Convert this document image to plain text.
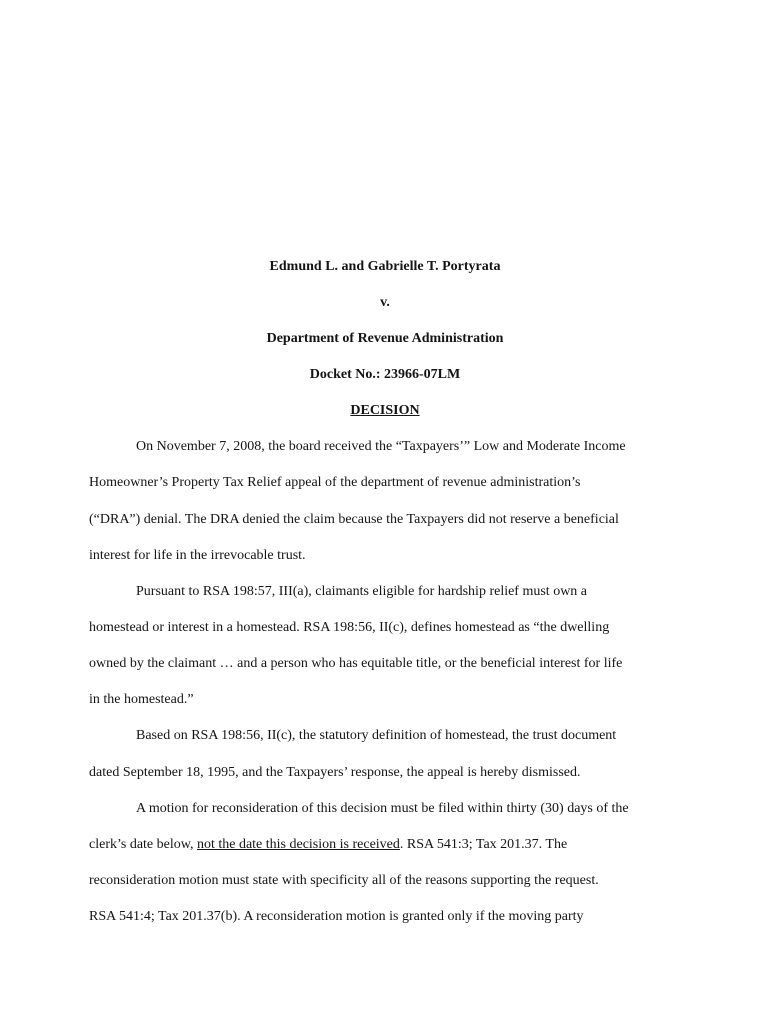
Edmund L. and Gabrielle T. Portyrata
v.
Department of Revenue Administration
Docket No.: 23966-07LM
DECISION
On November 7, 2008, the board received the “Taxpayers’” Low and Moderate Income
Homeowner’s Property Tax Relief appeal of the department of revenue administration’s
(“DRA”) denial. The DRA denied the claim because the Taxpayers did not reserve a beneficial
interest for life in the irrevocable trust.
Pursuant to RSA 198:57, III(a), claimants eligible for hardship relief must own a
homestead or interest in a homestead. RSA 198:56, II(c), defines homestead as “the dwelling
owned by the claimant … and a person who has equitable title, or the beneficial interest for life
in the homestead.”
Based on RSA 198:56, II(c), the statutory definition of homestead, the trust document
dated September 18, 1995, and the Taxpayers’ response, the appeal is hereby dismissed.
A motion for reconsideration of this decision must be filed within thirty (30) days of the
clerk’s date below, not the date this decision is received. RSA 541:3; Tax 201.37. The
reconsideration motion must state with specificity all of the reasons supporting the request.
RSA 541:4; Tax 201.37(b). A reconsideration motion is granted only if the moving party
